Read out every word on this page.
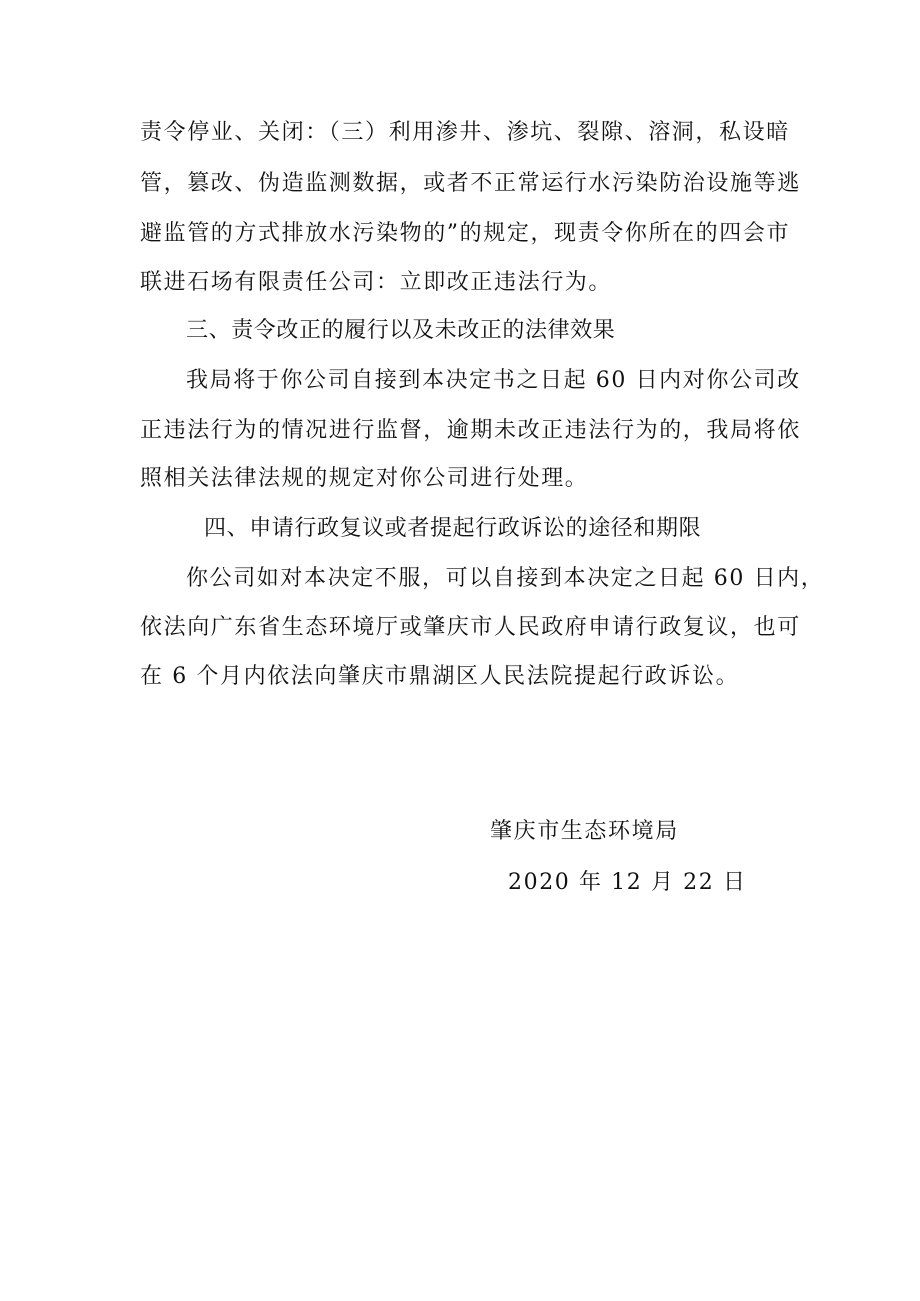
责令停业、关闭：（三）利用渗井、渗坑、裂隙、溶洞，私设暗
管，篡改、伪造监测数据，或者不正常运行水污染防治设施等逃
避监管的方式排放水污染物的”的规定，现责令你所在的四会市
联进石场有限责任公司：立即改正违法行为。
三、责令改正的履行以及未改正的法律效果
我局将于你公司自接到本决定书之日起 60 日内对你公司改
正违法行为的情况进行监督，逾期未改正违法行为的，我局将依
照相关法律法规的规定对你公司进行处理。
四、申请行政复议或者提起行政诉讼的途径和期限
你公司如对本决定不服，可以自接到本决定之日起 60 日内，
依法向广东省生态环境厅或肇庆市人民政府申请行政复议，也可
在 6 个月内依法向肇庆市鼎湖区人民法院提起行政诉讼。
肇庆市生态环境局
2020 年 12 月 22 日
